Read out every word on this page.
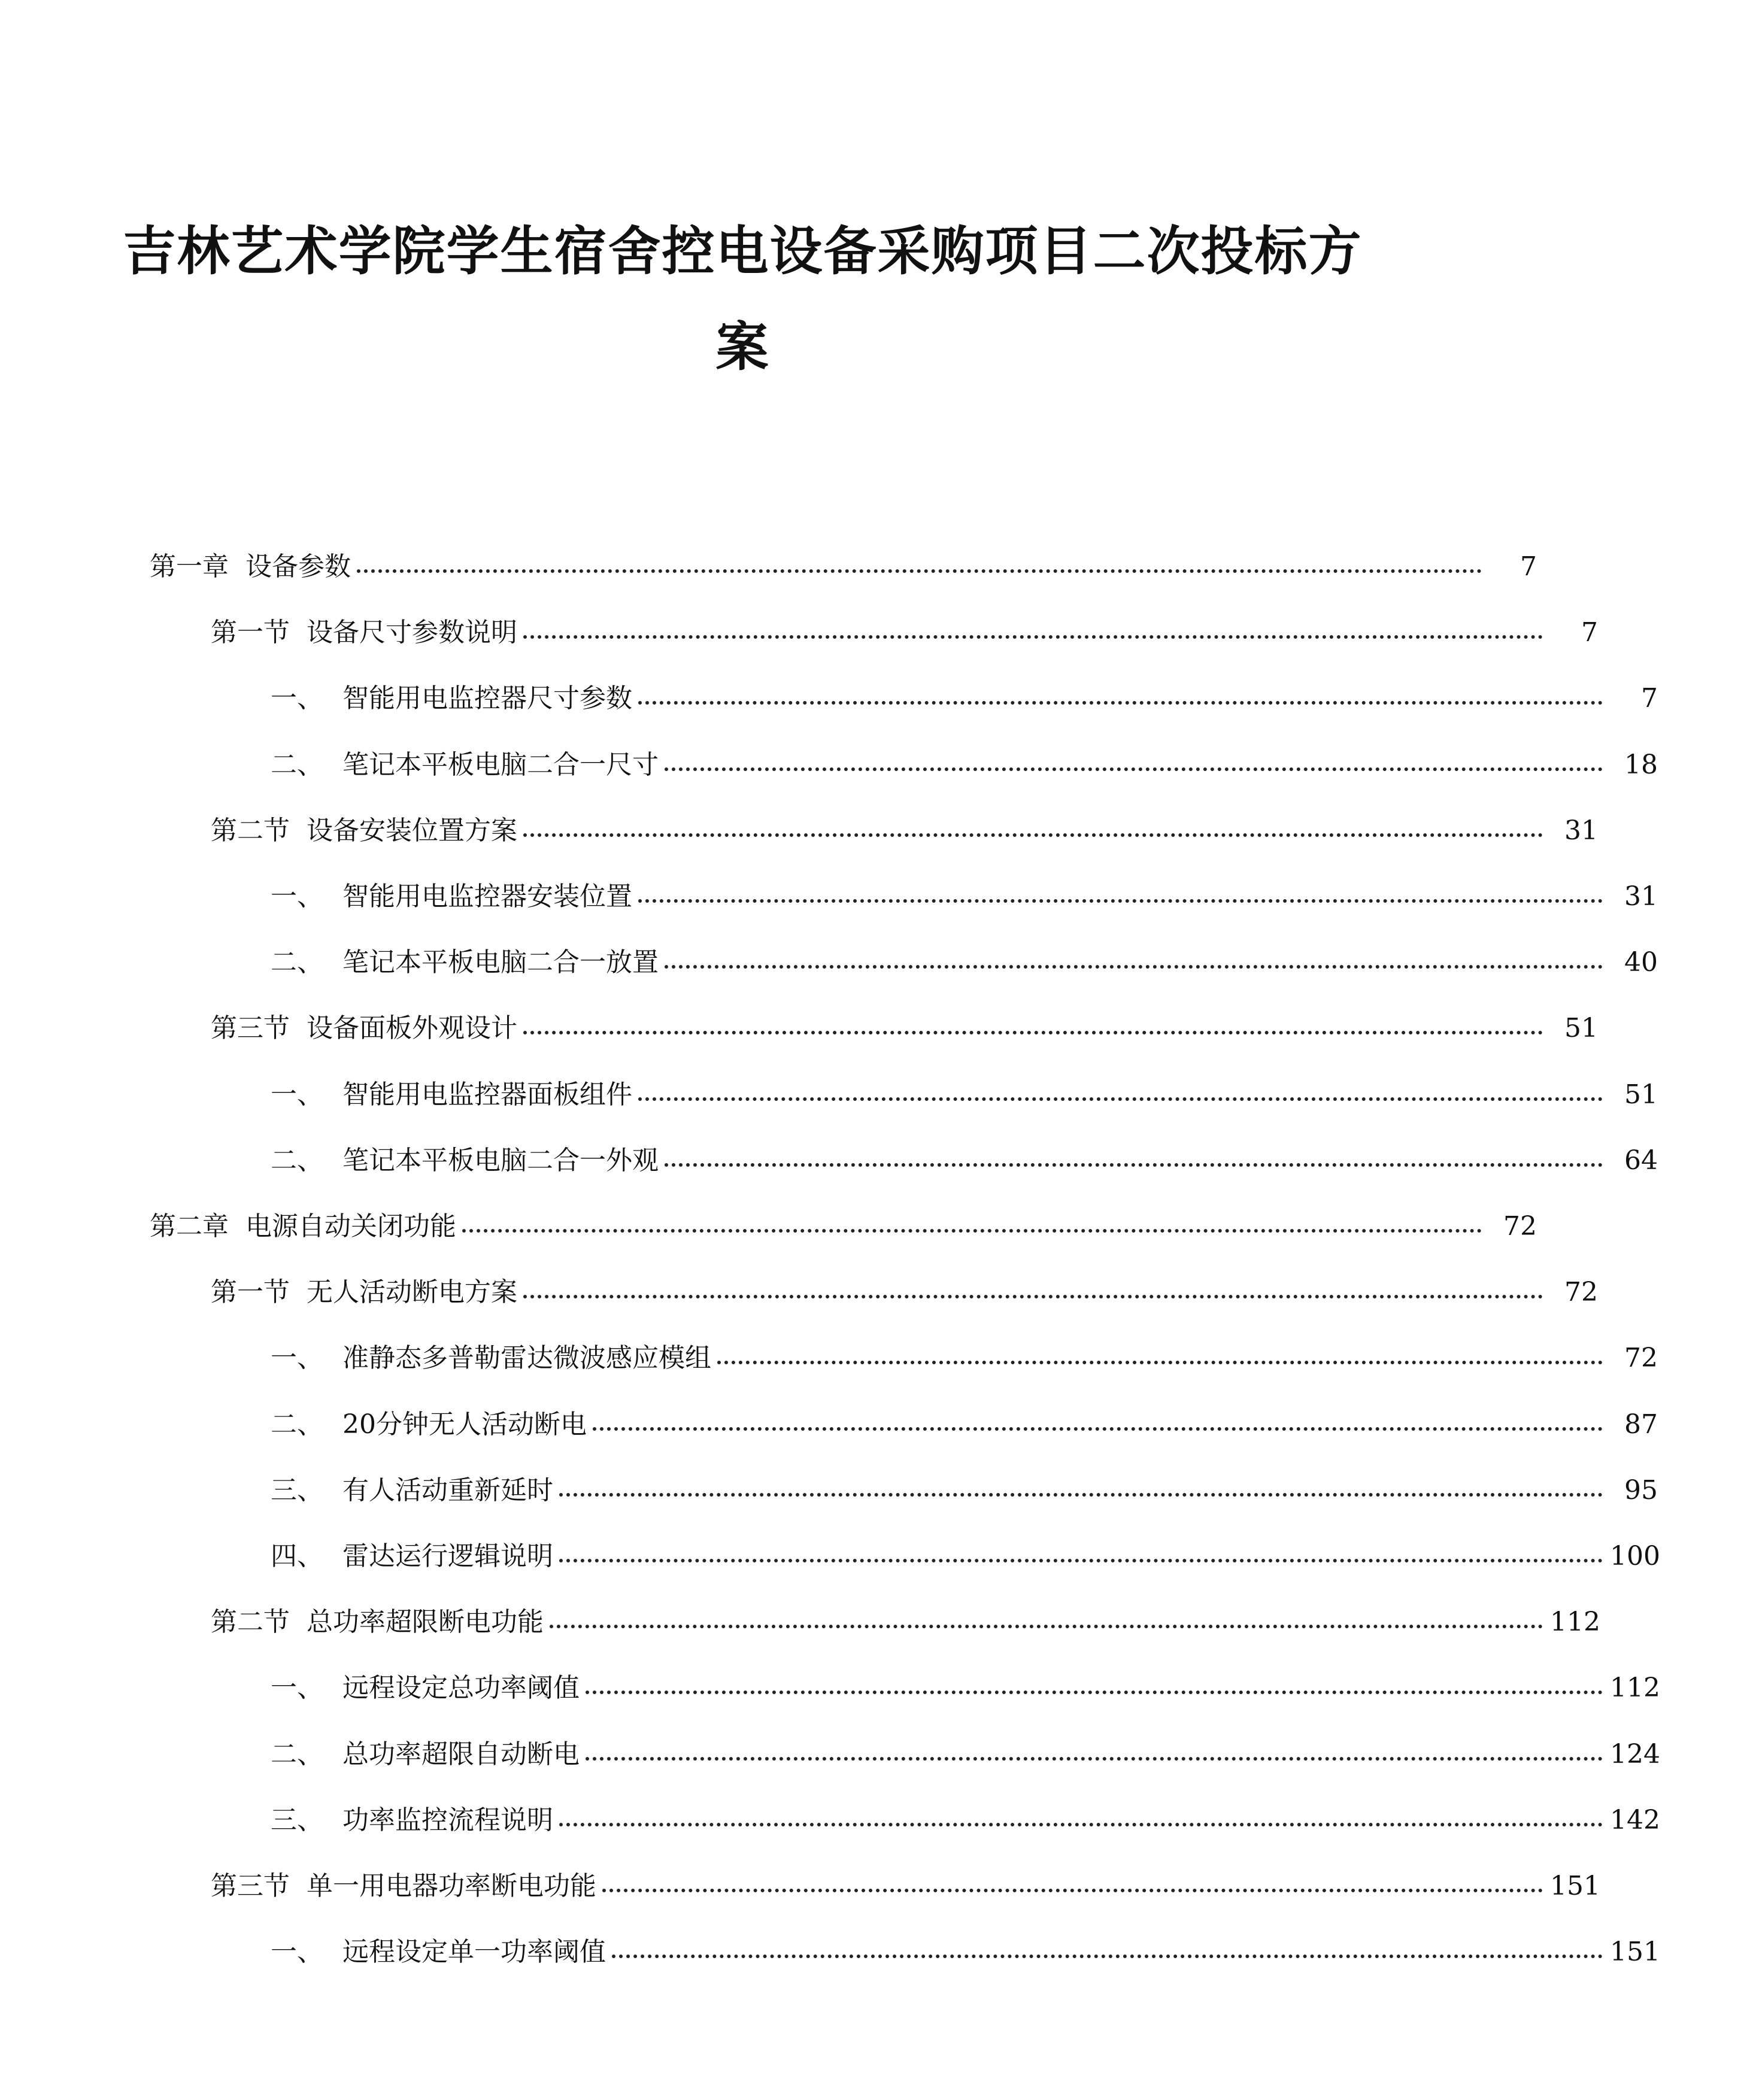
吉林艺术学院学生宿舍控电设备采购项目二次投标方
案
第一章 设备参数	7
第一节 设备尺寸参数说明	7
一、 智能用电监控器尺寸参数	7
二、 笔记本平板电脑二合一尺寸	18
第二节 设备安装位置方案	31
一、 智能用电监控器安装位置	31
二、 笔记本平板电脑二合一放置	40
第三节 设备面板外观设计	51
一、 智能用电监控器面板组件	51
二、 笔记本平板电脑二合一外观	64
第二章 电源自动关闭功能	72
第一节 无人活动断电方案	72
一、 准静态多普勒雷达微波感应模组	72
二、 20分钟无人活动断电	87
三、 有人活动重新延时	95
四、 雷达运行逻辑说明	100
第二节 总功率超限断电功能	112
一、 远程设定总功率阈值	112
二、 总功率超限自动断电	124
三、 功率监控流程说明	142
第三节 单一用电器功率断电功能	151
一、 远程设定单一功率阈值	151
